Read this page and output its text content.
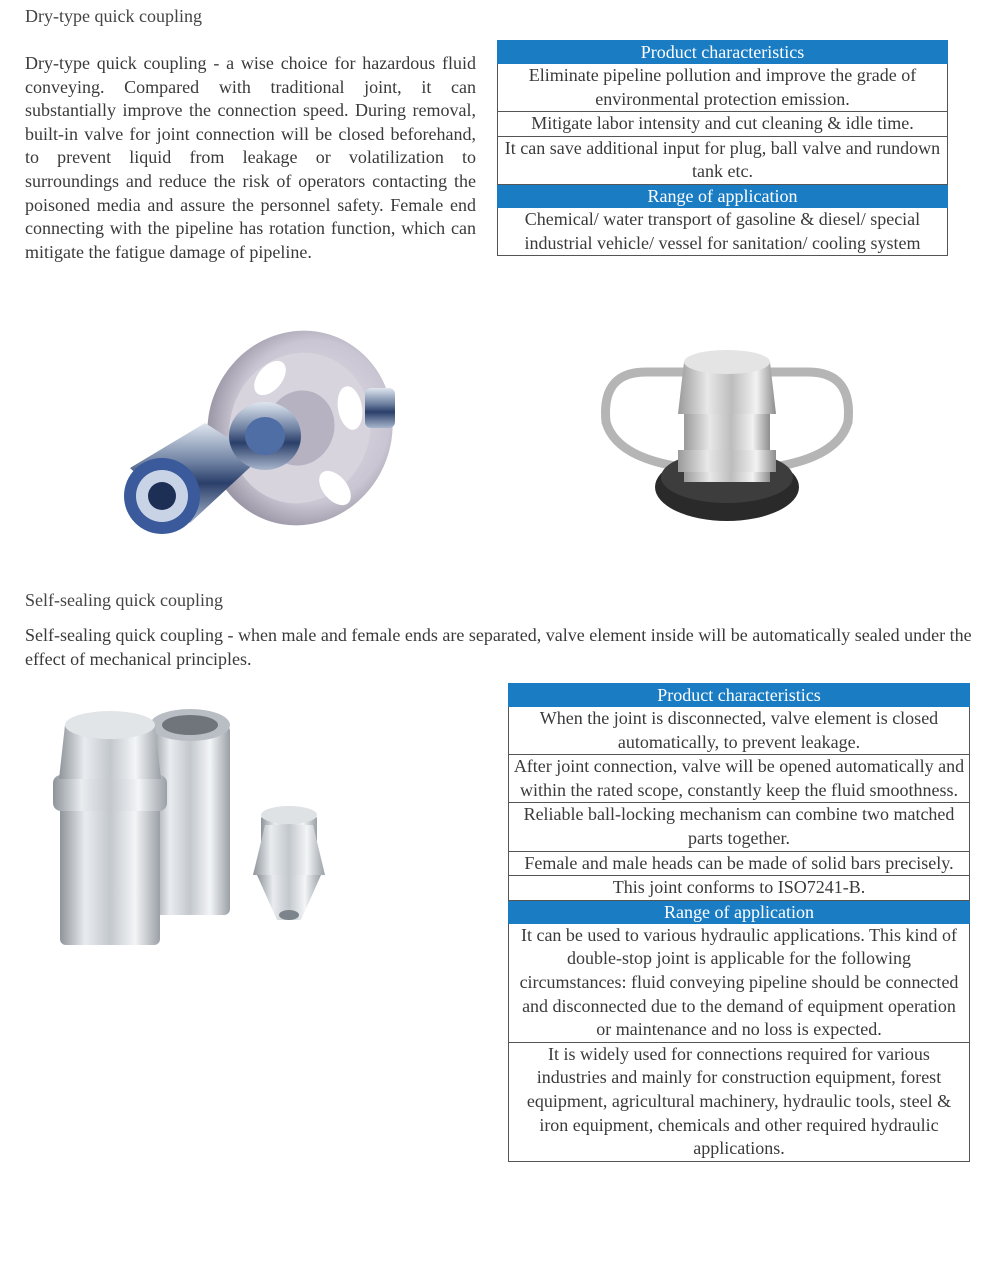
Dry-type quick coupling
Dry-type quick coupling - a wise choice for hazardous fluid conveying. Compared with traditional joint, it can substantially improve the connection speed. During removal, built-in valve for joint connection will be closed beforehand, to prevent liquid from leakage or volatilization to surroundings and reduce the risk of operators contacting the poisoned media and assure the personnel safety. Female end connecting with the pipeline has rotation function, which can mitigate the fatigue damage of pipeline.
Product characteristics
Eliminate pipeline pollution and improve the grade of environmental protection emission.
Mitigate labor intensity and cut cleaning & idle time.
It can save additional input for plug, ball valve and rundown tank etc.
Range of application
Chemical/ water transport of gasoline & diesel/ special industrial vehicle/ vessel for sanitation/ cooling system
Self-sealing quick coupling
Self-sealing quick coupling - when male and female ends are separated, valve element inside will be automatically sealed under the effect of mechanical principles.
Product characteristics
When the joint is disconnected, valve element is closed automatically, to prevent leakage.
After joint connection, valve will be opened automatically and within the rated scope, constantly keep the fluid smoothness.
Reliable ball-locking mechanism can combine two matched parts together.
Female and male heads can be made of solid bars precisely.
This joint conforms to ISO7241-B.
Range of application
It can be used to various hydraulic applications. This kind of double-stop joint is applicable for the following circumstances: fluid conveying pipeline should be connected and disconnected due to the demand of equipment operation or maintenance and no loss is expected.
It is widely used for connections required for various industries and mainly for construction equipment, forest equipment, agricultural machinery, hydraulic tools, steel & iron equipment, chemicals and other required hydraulic applications.
